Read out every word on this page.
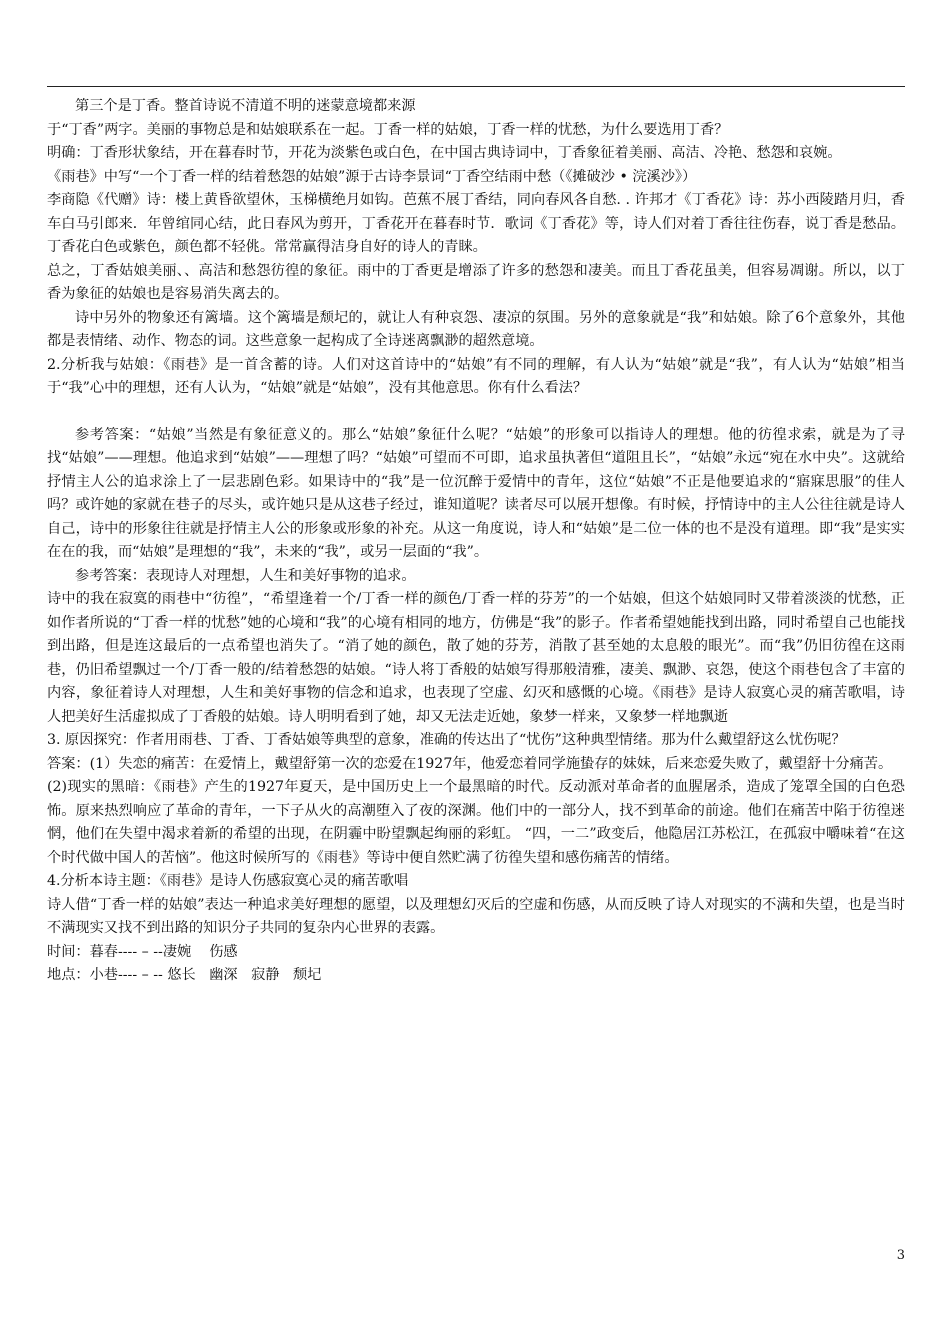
第三个是丁香。整首诗说不清道不明的迷蒙意境都来源

于“丁香”两字。美丽的事物总是和姑娘联系在一起。丁香一样的姑娘，丁香一样的忧愁，为什么要选用丁香？

明确：丁香形状象结，开在暮春时节，开花为淡紫色或白色，在中国古典诗词中，丁香象征着美丽、高洁、冷艳、愁怨和哀婉。

《雨巷》中写“一个丁香一样的结着愁怨的姑娘”源于古诗李景词“丁香空结雨中愁（《摊破沙 • 浣溪沙》）

李商隐《代赠》诗：楼上黄昏欲望休，玉梯横绝月如钩。芭蕉不展丁香结，同向春风各自愁. . 许邦才《丁香花》诗：苏小西陵踏月归，香车白马引郎来．年曾绾同心结，此日春风为剪开，丁香花开在暮春时节．歌词《丁香花》等，诗人们对着丁香往往伤春，说丁香是愁品。丁香花白色或紫色，颜色都不轻佻。常常赢得洁身自好的诗人的青睐。

总之，丁香姑娘美丽、、高洁和愁怨彷徨的象征。雨中的丁香更是增添了许多的愁怨和凄美。而且丁香花虽美，但容易凋谢。所以，以丁香为象征的姑娘也是容易消失离去的。

诗中另外的物象还有篱墙。这个篱墙是颓圮的，就让人有种哀怨、凄凉的氛围。另外的意象就是“我”和姑娘。除了6个意象外，其他都是表情绪、动作、物态的词。这些意象一起构成了全诗迷离飘渺的超然意境。

2.分析我与姑娘：《雨巷》是一首含蓄的诗。人们对这首诗中的“姑娘”有不同的理解，有人认为“姑娘”就是“我”，有人认为“姑娘”相当于“我”心中的理想，还有人认为，“姑娘”就是“姑娘”，没有其他意思。你有什么看法？

参考答案：“姑娘”当然是有象征意义的。那么“姑娘”象征什么呢？“姑娘”的形象可以指诗人的理想。他的彷徨求索，就是为了寻找“姑娘”——理想。他追求到“姑娘”——理想了吗？“姑娘”可望而不可即，追求虽执著但“道阻且长”，“姑娘”永远“宛在水中央”。这就给抒情主人公的追求涂上了一层悲剧色彩。如果诗中的“我”是一位沉醉于爱情中的青年，这位“姑娘”不正是他要追求的“寤寐思服”的佳人吗？或许她的家就在巷子的尽头，或许她只是从这巷子经过，谁知道呢？读者尽可以展开想像。有时候，抒情诗中的主人公往往就是诗人自己，诗中的形象往往就是抒情主人公的形象或形象的补充。从这一角度说，诗人和“姑娘”是二位一体的也不是没有道理。即“我”是实实在在的我，而“姑娘”是理想的“我”，未来的“我”，或另一层面的“我”。

参考答案：表现诗人对理想，人生和美好事物的追求。

诗中的我在寂寞的雨巷中“彷徨”，“希望逢着一个/丁香一样的颜色/丁香一样的芬芳”的一个姑娘，但这个姑娘同时又带着淡淡的忧愁，正如作者所说的“丁香一样的忧愁”她的心境和“我”的心境有相同的地方，仿佛是“我”的影子。作者希望她能找到出路，同时希望自己也能找到出路，但是连这最后的一点希望也消失了。“消了她的颜色，散了她的芬芳，消散了甚至她的太息般的眼光”。而“我”仍旧彷徨在这雨巷，仍旧希望飘过一个/丁香一般的/结着愁怨的姑娘。“诗人将丁香般的姑娘写得那般清雅，凄美、飘渺、哀怨，使这个雨巷包含了丰富的内容，象征着诗人对理想，人生和美好事物的信念和追求，也表现了空虚、幻灭和感慨的心境。《雨巷》是诗人寂寞心灵的痛苦歌唱，诗人把美好生活虚拟成了丁香般的姑娘。诗人明明看到了她，却又无法走近她，象梦一样来，又象梦一样地飘逝

3. 原因探究：作者用雨巷、丁香、丁香姑娘等典型的意象，准确的传达出了“忧伤”这种典型情绪。那为什么戴望舒这么忧伤呢？

答案：(1）失恋的痛苦：在爱情上，戴望舒第一次的恋爱在1927年，他爱恋着同学施蛰存的妹妹，后来恋爱失败了，戴望舒十分痛苦。

(2)现实的黑暗：《雨巷》产生的1927年夏天，是中国历史上一个最黑暗的时代。反动派对革命者的血腥屠杀，造成了笼罩全国的白色恐怖。原来热烈响应了革命的青年，一下子从火的高潮堕入了夜的深渊。他们中的一部分人，找不到革命的前途。他们在痛苦中陷于彷徨迷惘，他们在失望中渴求着新的希望的出现，在阴霾中盼望飘起绚丽的彩虹。 “四，一二”政变后，他隐居江苏松江，在孤寂中嚼味着“在这个时代做中国人的苦恼”。他这时候所写的《雨巷》等诗中便自然贮满了彷徨失望和感伤痛苦的情绪。

4.分析本诗主题：《雨巷》是诗人伤感寂寞心灵的痛苦歌唱

诗人借“丁香一样的姑娘”表达一种追求美好理想的愿望，以及理想幻灭后的空虚和伤感，从而反映了诗人对现实的不满和失望，也是当时不满现实又找不到出路的知识分子共同的复杂内心世界的表露。

时间：暮春---- – --凄婉    伤感

地点：小巷---- – -- 悠长   幽深   寂静   颓圮

3
